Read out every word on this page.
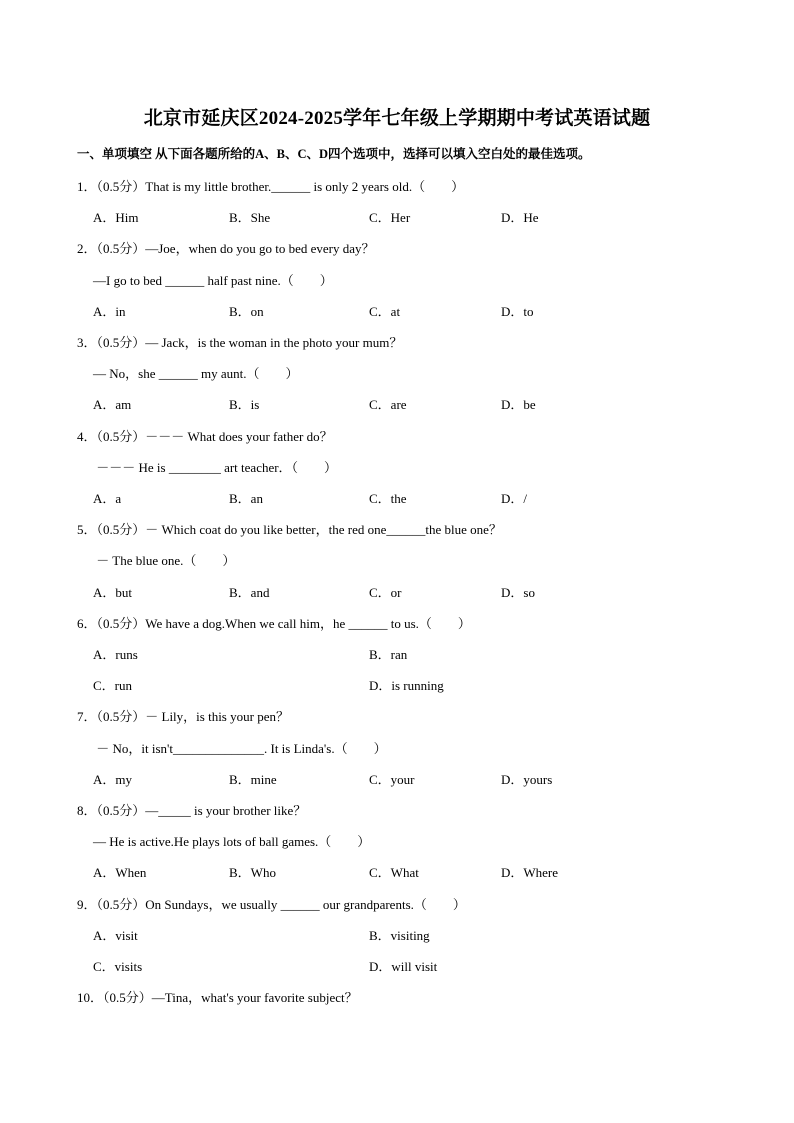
北京市延庆区2024-2025学年七年级上学期期中考试英语试题
一、单项填空 从下面各题所给的A、B、C、D四个选项中，选择可以填入空白处的最佳选项。
1．（0.5分）That is my little brother.______ is only 2 years old.（　　）
A．Him	B．She	C．Her	D．He
2．（0.5分）—Joe，when do you go to bed every day？
—I go to bed ______ half past nine.（　　）
A．in	B．on	C．at	D．to
3．（0.5分）— Jack，is the woman in the photo your mum？
— No，she ______ my aunt.（　　）
A．am	B．is	C．are	D．be
4．（0.5分）－－－ What does your father do？
－－－ He is ________ art teacher．（　　）
A．a	B．an	C．the	D．/
5．（0.5分）－ Which coat do you like better，the red one______the blue one？
－ The blue one.（　　）
A．but	B．and	C．or	D．so
6．（0.5分）We have a dog.When we call him，he ______ to us.（　　）
A．runs	B．ran
C．run	D．is running
7．（0.5分）－ Lily，is this your pen？
－ No，it isn't______________. It is Linda's.（　　）
A．my	B．mine	C．your	D．yours
8．（0.5分）—_____ is your brother like？
— He is active.He plays lots of ball games.（　　）
A．When	B．Who	C．What	D．Where
9．（0.5分）On Sundays，we usually ______ our grandparents.（　　）
A．visit	B．visiting
C．visits	D．will visit
10．（0.5分）—Tina，what's your favorite subject？
